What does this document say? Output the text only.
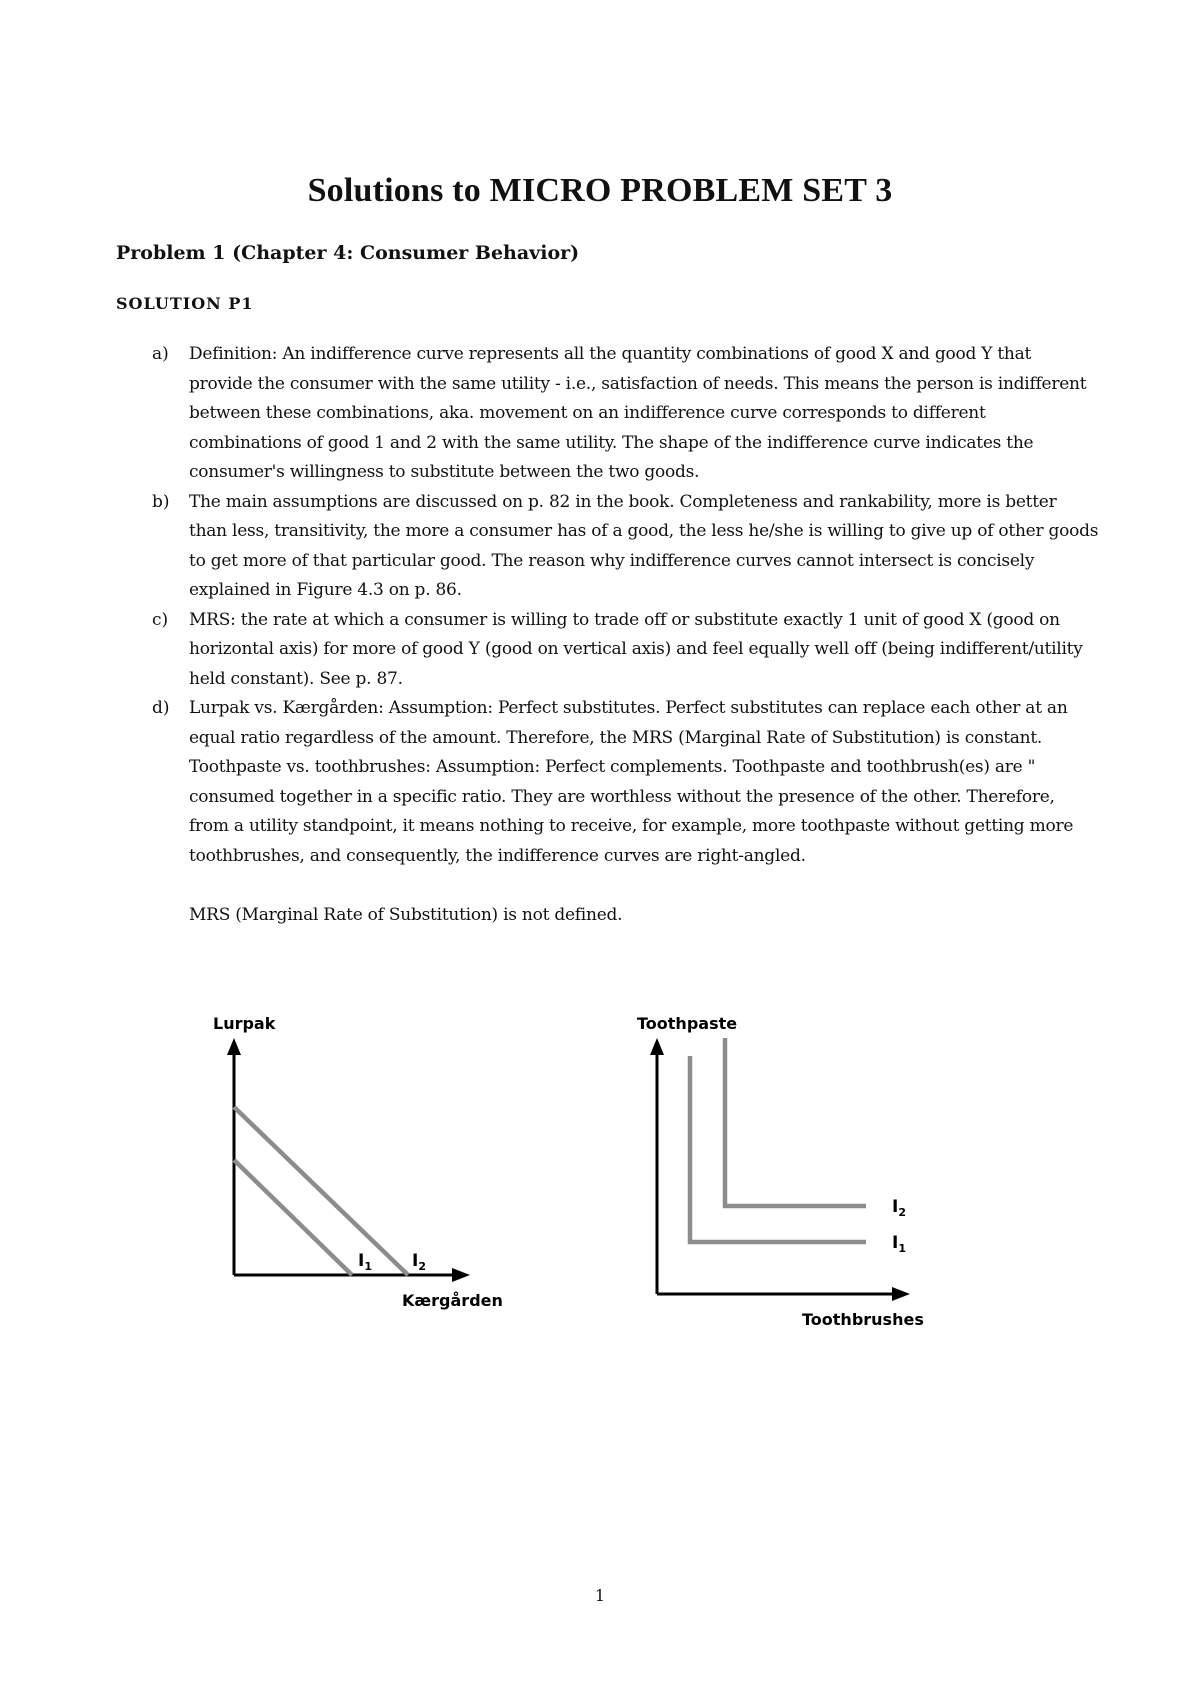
Solutions to MICRO PROBLEM SET 3
Problem 1 (Chapter 4: Consumer Behavior)
SOLUTION P1
a) Definition: An indifference curve represents all the quantity combinations of good X and good Y that provide the consumer with the same utility - i.e., satisfaction of needs. This means the person is indifferent between these combinations, aka. movement on an indifference curve corresponds to different combinations of good 1 and 2 with the same utility. The shape of the indifference curve indicates the consumer's willingness to substitute between the two goods.

b) The main assumptions are discussed on p. 82 in the book. Completeness and rankability, more is better than less, transitivity, the more a consumer has of a good, the less he/she is willing to give up of other goods to get more of that particular good. The reason why indifference curves cannot intersect is concisely explained in Figure 4.3 on p. 86.

c) MRS: the rate at which a consumer is willing to trade off or substitute exactly 1 unit of good X (good on horizontal axis) for more of good Y (good on vertical axis) and feel equally well off (being indifferent/utility held constant). See p. 87.

d) Lurpak vs. Kærgården: Assumption: Perfect substitutes. Perfect substitutes can replace each other at an equal ratio regardless of the amount. Therefore, the MRS (Marginal Rate of Substitution) is constant.

Toothpaste vs. toothbrushes: Assumption: Perfect complements. Toothpaste and toothbrush(es) are " consumed together in a specific ratio. They are worthless without the presence of the other. Therefore, from a utility standpoint, it means nothing to receive, for example, more toothpaste without getting more toothbrushes, and consequently, the indifference curves are right-angled.

MRS (Marginal Rate of Substitution) is not defined.

Lurpak
$I_1$ $I_2$
Kærgården
Toothpaste
$I_2$
$I_1$
Toothbrushes
1
